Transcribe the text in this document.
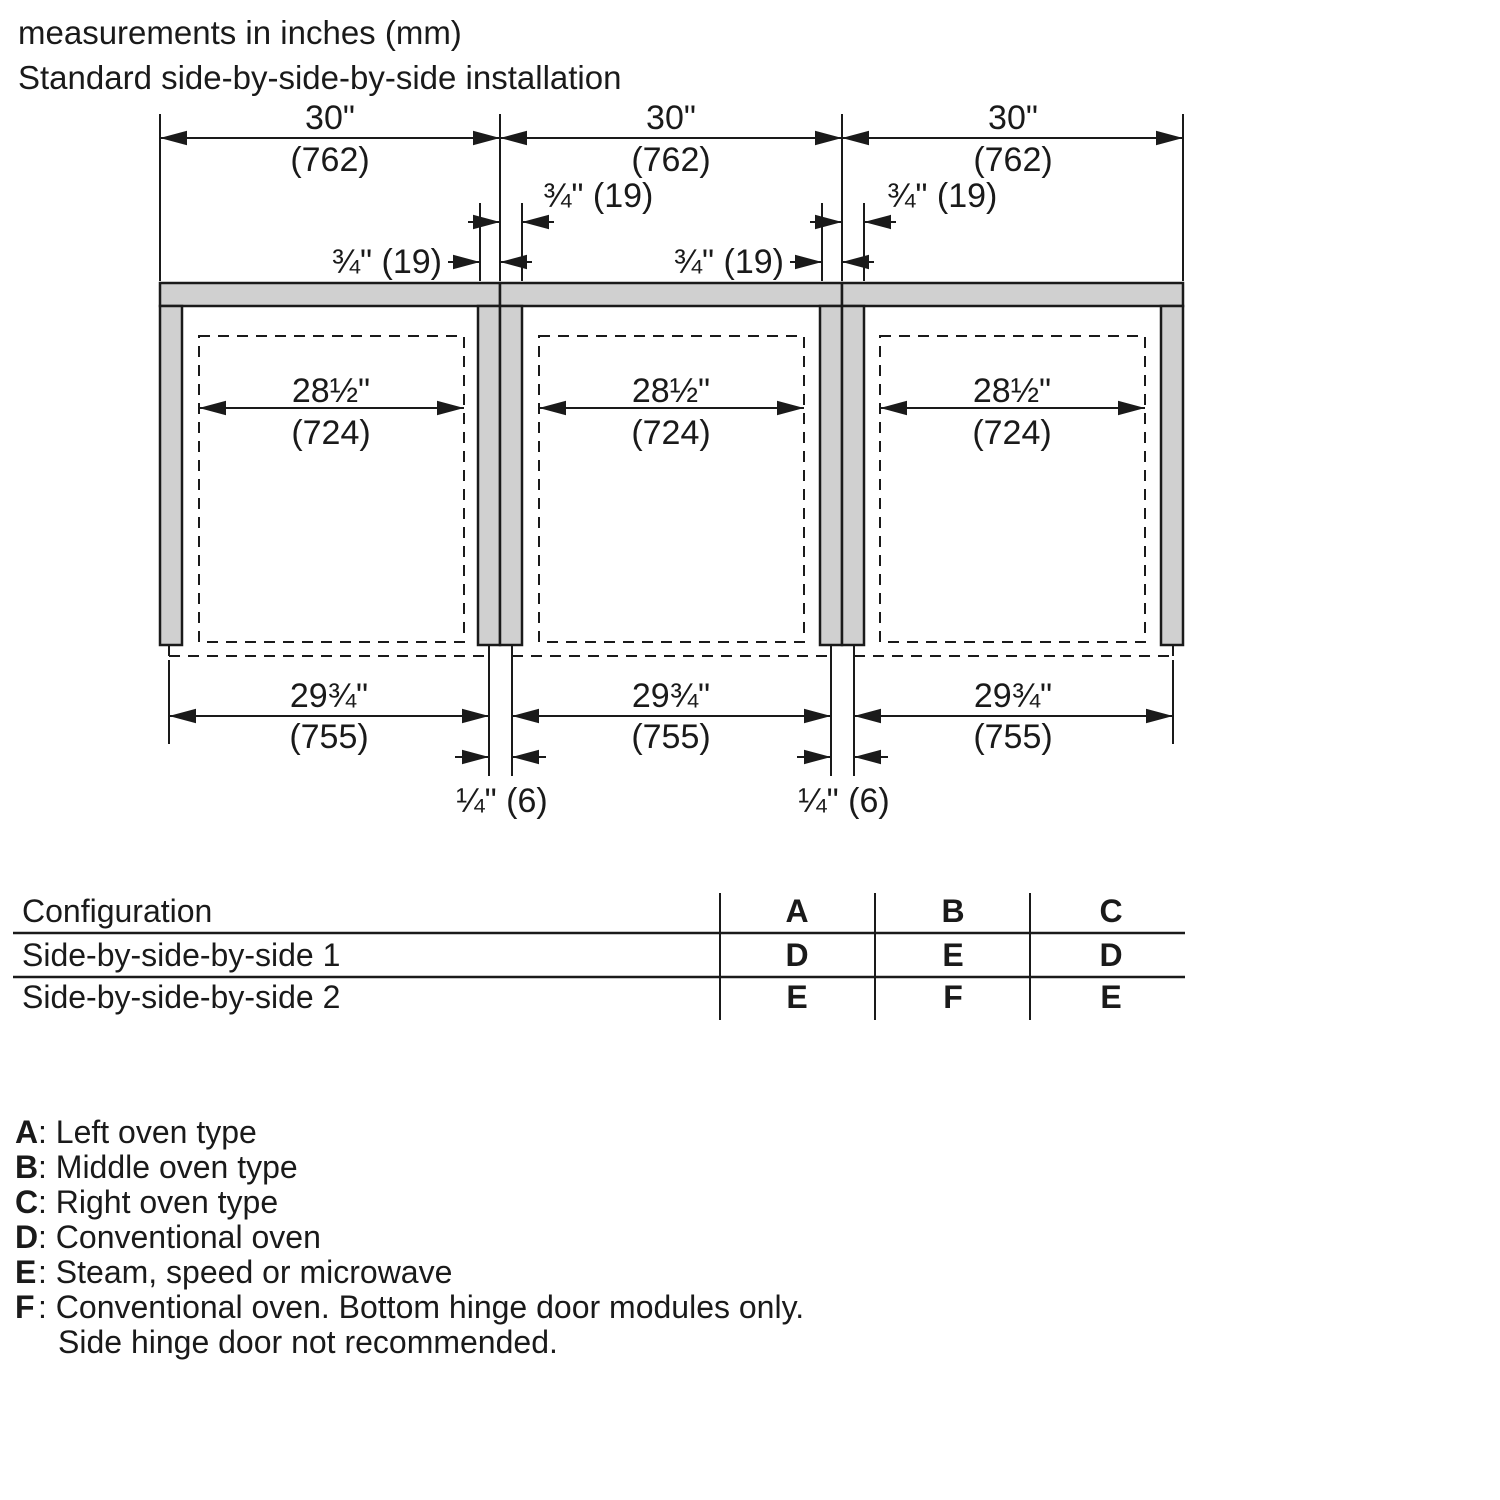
measurements in inches (mm)
Standard side-by-side-by-side installation
30"	30"	30"
(762)	(762)	(762)
¾" (19)	¾" (19)
¾" (19)	¾" (19)
28½"	28½"	28½"
(724)	(724)	(724)
29¾"	29¾"	29¾"
(755)	(755)	(755)
¼" (6)	¼" (6)
Configuration	A	B	C
Side-by-side-by-side 1	D	E	D
Side-by-side-by-side 2	E	F	E
A : Left oven type
B : Middle oven type
C : Right oven type
D : Conventional oven
E : Steam, speed or microwave
F : Conventional oven. Bottom hinge door modules only.
Side hinge door not recommended.
